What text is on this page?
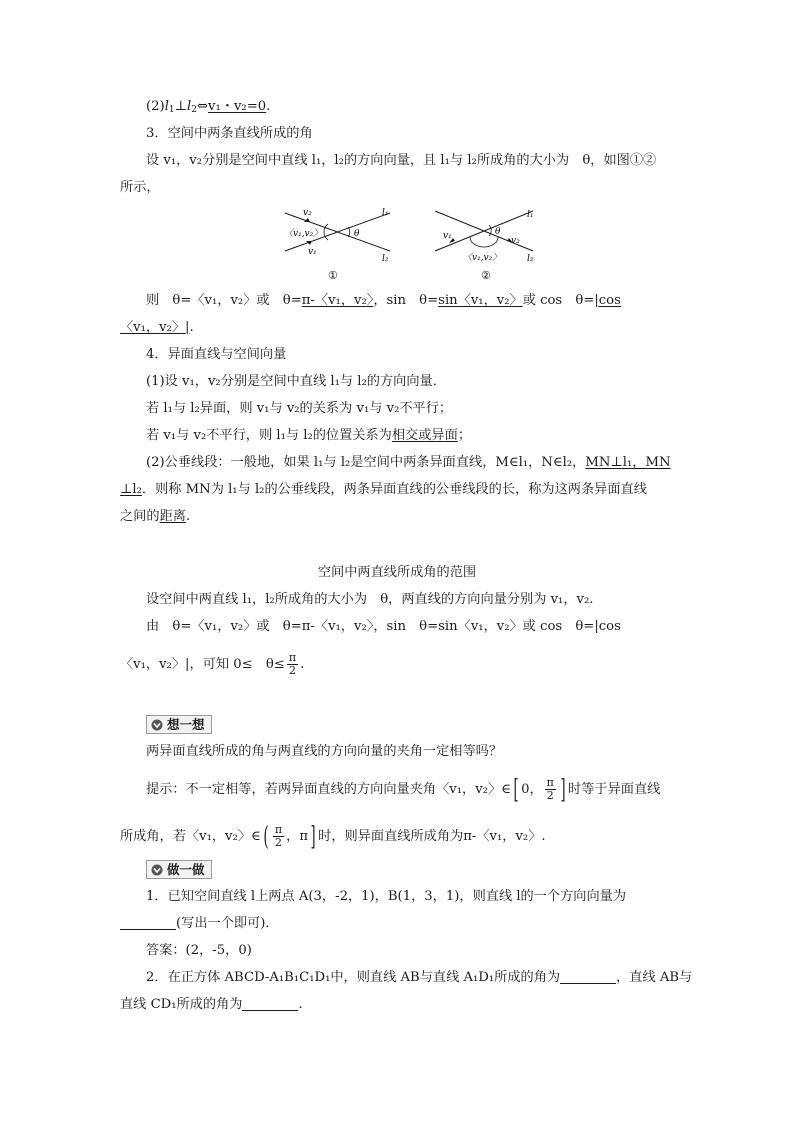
$(2)l_1\perp l_2\Leftrightarrow v_1$・v₂=0.
3．空间中两条直线所成的角
设 v₁，v₂分别是空间中直线 l₁，l₂的方向向量，且 l₁与 l₂所成角的大小为　θ，如图①②
所示，
v₂
〈v₁,v₂〉
v₁
θ
l₁
l₂
①
v₁	θ
v₂
l₁
l₂
〈v₁,v₂〉
②
则　θ=〈v₁，v₂〉或　θ=π-〈v₁，v₂〉，sin　θ=sin〈v₁，v₂〉或 cos　θ=|cos
〈v₁，v₂〉|.
4．异面直线与空间向量
(1)设 v₁，v₂分别是空间中直线 l₁与 l₂的方向向量．
若 l₁与 l₂异面，则 v₁与 v₂的关系为 v₁与 v₂不平行；
若 v₁与 v₂不平行，则 l₁与 l₂的位置关系为相交或异面；
(2)公垂线段：一般地，如果 l₁与 l₂是空间中两条异面直线，M∈l₁，N∈l₂，MN⊥l₁，MN
⊥l₂．则称 MN为 l₁与 l₂的公垂线段，两条异面直线的公垂线段的长，称为这两条异面直线
之间的距离.
空间中两直线所成角的范围
设空间中两直线 l₁，l₂所成角的大小为　θ，两直线的方向向量分别为 v₁，v₂.
由　θ=〈v₁，v₂〉或　θ=π-〈v₁，v₂〉，sin　θ=sin〈v₁，v₂〉或 cos　θ=|cos
〈v₁，v₂〉|，可知 0≤　$\theta\le \frac{\pi}{2}$ .
想一想
两异面直线所成的角与两直线的方向向量的夹角一定相等吗？
提示：不一定相等，若两异面直线的方向向量夹角〈v₁，v₂〉∈[ 0， $\frac{\pi}{2}$ ] 时等于异面直线
所成角，若〈v₁，v₂〉∈( $\frac{\pi}{2}$ ，π] 时，则异面直线所成角为π-〈v₁，v₂〉.
做一做
1．已知空间直线 l上两点 A(3，-2，1)，B(1，3，1)，则直线 l的一个方向向量为
(写出一个即可)．
答案：(2，-5，0)
2．在正方体 ABCD-A₁B₁C₁D₁中，则直线 AB与直线 A₁D₁所成的角为	，直线 AB与
直线 CD₁所成的角为	.
